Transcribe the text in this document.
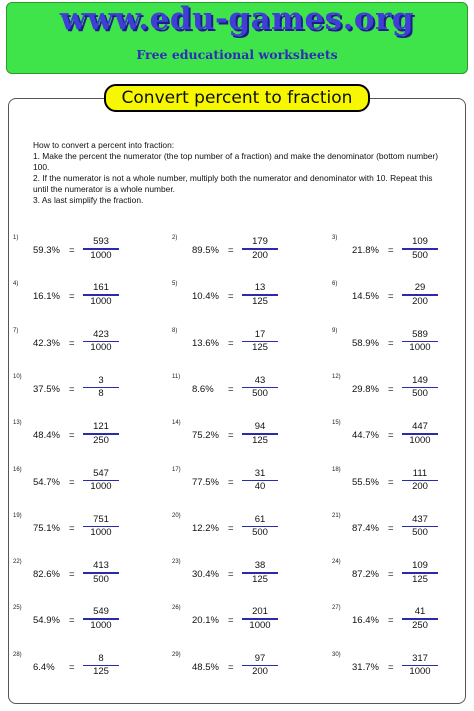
www.edu-games.org
Free educational worksheets
Convert percent to fraction

How to convert a percent into fraction:

1. Make the percent the numerator (the top number of a fraction) and make the denominator (bottom number) 100.

2. If the numerator is not a whole number, multiply both the numerator and denominator with 10. Repeat this until the numerator is a whole number.

3. As last simplify the fraction.

1)
59.3% =
593
1000
2)
89.5% =
179
200
3)
21.8% =
109
500
4)
16.1% =
161
1000
5)
10.4% =
13
125
6)
14.5% =
29
200
7)
42.3% =
423
1000
8)
13.6% =
17
125
9)
58.9% =
589
1000
10)
37.5% =
3
8
11)
8.6% =
43
500
12)
29.8% =
149
500
13)
48.4% =
121
250
14)
75.2% =
94
125
15)
44.7% =
447
1000
16)
54.7% =
547
1000
17)
77.5% =
31
40
18)
55.5% =
111
200
19)
75.1% =
751
1000
20)
12.2% =
61
500
21)
87.4% =
437
500
22)
82.6% =
413
500
23)
30.4% =
38
125
24)
87.2% =
109
125
25)
54.9% =
549
1000
26)
20.1% =
201
1000
27)
16.4% =
41
250
28)
6.4% =
8
125
29)
48.5% =
97
200
30)
31.7% =
317
1000
